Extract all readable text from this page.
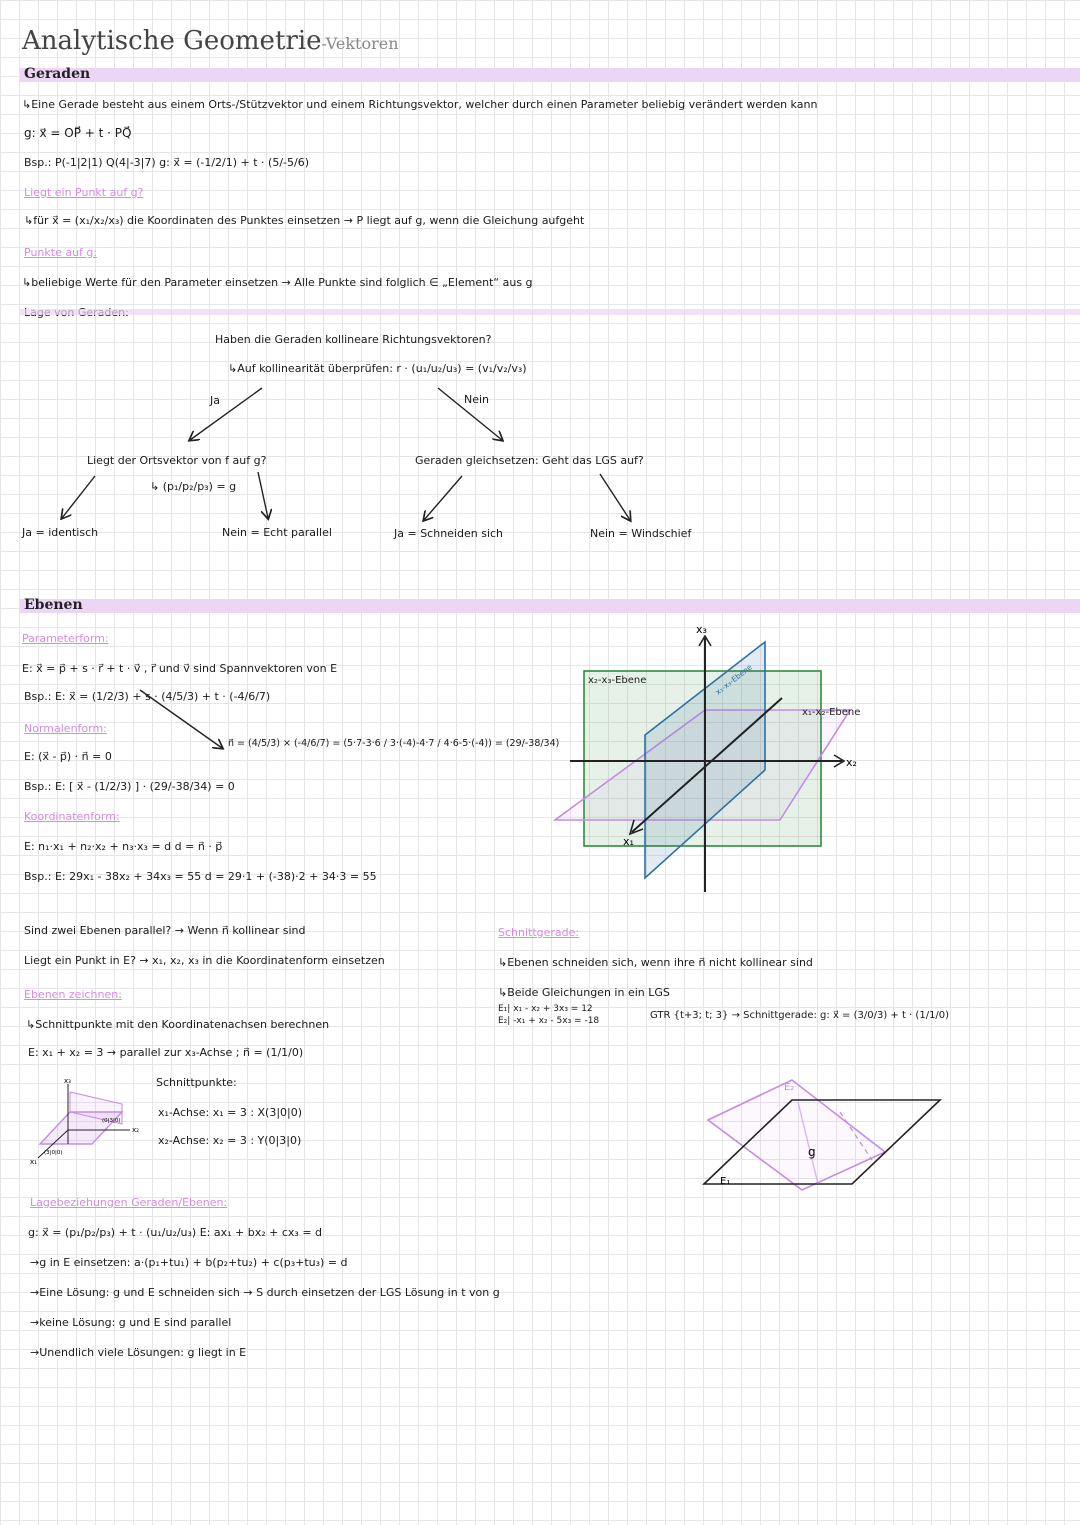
Analytische Geometrie-Vektoren
Geraden
↳Eine Gerade besteht aus einem Orts-/Stützvektor und einem Richtungsvektor, welcher durch einen Parameter beliebig verändert werden kann
g: x⃗ = OP⃗ + t · PQ⃗
Bsp.: P(-1|2|1) Q(4|-3|7) g: x⃗ = (-1/2/1) + t · (5/-5/6)
Liegt ein Punkt auf g?
↳für x⃗ = (x₁/x₂/x₃) die Koordinaten des Punktes einsetzen → P liegt auf g, wenn die Gleichung aufgeht
Punkte auf g:
↳beliebige Werte für den Parameter einsetzen → Alle Punkte sind folglich ∈ „Element“ aus g
Haben die Geraden kollineare Richtungsvektoren?
↳Auf kollinearität überprüfen: r · (u₁/u₂/u₃) = (v₁/v₂/v₃)
Ja	Nein
Liegt der Ortsvektor von f auf g?
↳ (p₁/p₂/p₃) = g
Geraden gleichsetzen: Geht das LGS auf?
Ja = identisch	Nein = Echt parallel	Ja = Schneiden sich	Nein = Windschief
Ebenen
Parameterform:
E: x⃗ = p⃗ + s · r⃗ + t · v⃗ , r⃗ und v⃗ sind Spannvektoren von E
Bsp.: E: x⃗ = (1/2/3) + s · (4/5/3) + t · (-4/6/7)
Normalenform:
E: (x⃗ - p⃗) · n⃗ = 0
Bsp.: E: [ x⃗ - (1/2/3) ] · (29/-38/34) = 0
n⃗ = (4/5/3) × (-4/6/7) = (5·7-3·6 / 3·(-4)-4·7 / 4·6-5·(-4)) = (29/-38/34)
Koordinatenform:
E: n₁·x₁ + n₂·x₂ + n₃·x₃ = d d = n⃗ · p⃗
Bsp.: E: 29x₁ - 38x₂ + 34x₃ = 55 d = 29·1 + (-38)·2 + 34·3 = 55
x₃
x₂
x₁
x₂-x₃-Ebene
x₁-x₂-Ebene
x₁-x₃-Ebene
Sind zwei Ebenen parallel? → Wenn n⃗ kollinear sind
Liegt ein Punkt in E? → x₁, x₂, x₃ in die Koordinatenform einsetzen
Ebenen zeichnen:
↳Schnittpunkte mit den Koordinatenachsen berechnen
E: x₁ + x₂ = 3 → parallel zur x₃-Achse ; n⃗ = (1/1/0)
Schnittpunkte:
x₁-Achse: x₁ = 3 : X(3|0|0)
x₂-Achse: x₂ = 3 : Y(0|3|0)
x₃
x₂
x₁
(0|3|0)
(3|0|0)
Schnittgerade:
↳Ebenen schneiden sich, wenn ihre n⃗ nicht kollinear sind
↳Beide Gleichungen in ein LGS
E₁| x₁ - x₂ + 3x₃ = 12
E₂| -x₁ + x₂ - 5x₃ = -18	GTR {t+3; t; 3} → Schnittgerade: g: x⃗ = (3/0/3) + t · (1/1/0)
E₂
E₁
g
Lagebeziehungen Geraden/Ebenen:
g: x⃗ = (p₁/p₂/p₃) + t · (u₁/u₂/u₃) E: ax₁ + bx₂ + cx₃ = d
→g in E einsetzen: a·(p₁+tu₁) + b(p₂+tu₂) + c(p₃+tu₃) = d
→Eine Lösung: g und E schneiden sich → S durch einsetzen der LGS Lösung in t von g
→keine Lösung: g und E sind parallel
→Unendlich viele Lösungen: g liegt in E
